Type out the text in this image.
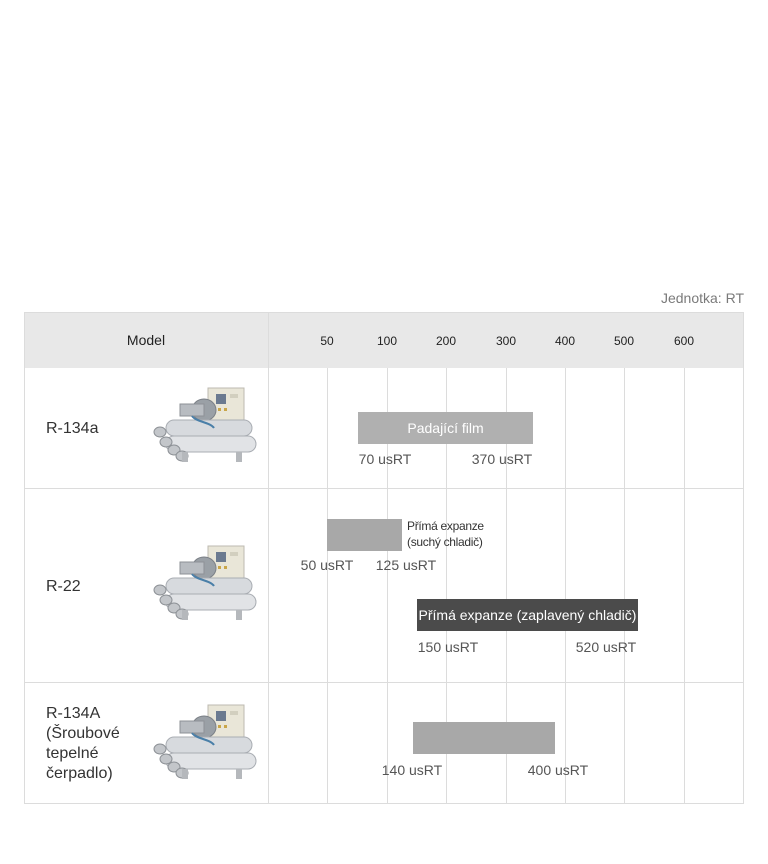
Jednotka: RT
Model	50	100	200	300	400	500	600
R-134a	Padající film
70 usRT	370 usRT
R-22
Přímá expanze
(suchý chladič)
50 usRT	125 usRT
Přímá expanze (zaplavený chladič)
150 usRT	520 usRT
R-134A
(Šroubové
tepelné
čerpadlo)	140 usRT	400 usRT
